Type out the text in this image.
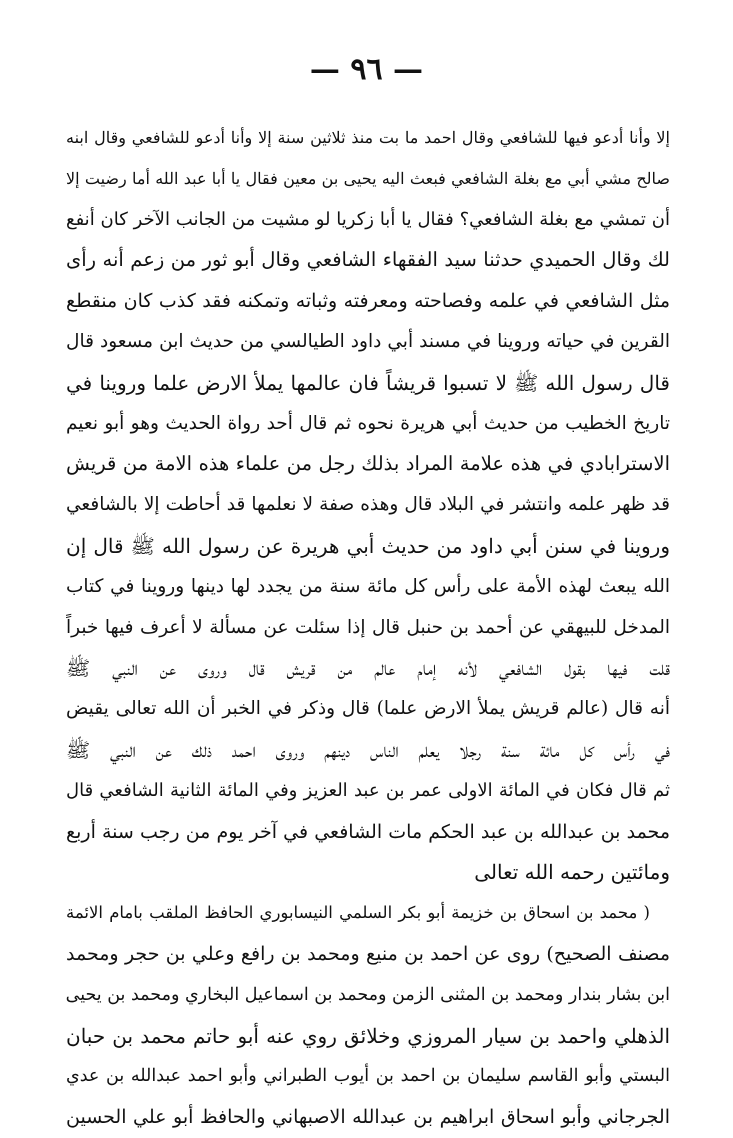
— ٩٦ —
إلا وأنا أدعو فيها للشافعي وقال احمد ما بت منذ ثلاثين سنة إلا وأنا أدعو للشافعي وقال ابنه
صالح مشي أبي مع بغلة الشافعي فبعث اليه يحيى بن معين فقال يا أبا عبد الله أما رضيت إلا
أن تمشي مع بغلة الشافعي؟ فقال يا أبا زكريا لو مشيت من الجانب الآخر كان أنفع
لك وقال الحميدي حدثنا سيد الفقهاء الشافعي وقال أبو ثور من زعم أنه رأى
مثل الشافعي في علمه وفصاحته ومعرفته وثباته وتمكنه فقد كذب كان منقطع
القرين في حياته وروينا في مسند أبي داود الطيالسي من حديث ابن مسعود قال
قال رسول الله ﷺ لا تسبوا قريشاً فان عالمها يملأ الارض علما وروينا في
تاريخ الخطيب من حديث أبي هريرة نحوه ثم قال أحد رواة الحديث وهو أبو نعيم
الاسترابادي في هذه علامة المراد بذلك رجل من علماء هذه الامة من قريش
قد ظهر علمه وانتشر في البلاد قال وهذه صفة لا نعلمها قد أحاطت إلا بالشافعي
وروينا في سنن أبي داود من حديث أبي هريرة عن رسول الله ﷺ قال إن
الله يبعث لهذه الأمة على رأس كل مائة سنة من يجدد لها دينها وروينا في كتاب
المدخل للبيهقي عن أحمد بن حنبل قال إذا سئلت عن مسألة لا أعرف فيها خبراً
قلت فيها بقول الشافعي لأنه إمام عالم من قريش قال وروى عن النبي ﷺ
أنه قال (عالم قريش يملأ الارض علما) قال وذكر في الخبر أن الله تعالى يقيض
في رأس كل مائة سنة رجلا يعلم الناس دينهم وروى احمد ذلك عن النبي ﷺ
ثم قال فكان في المائة الاولى عمر بن عبد العزيز وفي المائة الثانية الشافعي قال
محمد بن عبدالله بن عبد الحكم مات الشافعي في آخر يوم من رجب سنة أربع
ومائتين رحمه الله تعالى
( محمد بن اسحاق بن خزيمة أبو بكر السلمي النيسابوري الحافظ الملقب بامام الائمة
مصنف الصحيح) روى عن احمد بن منيع ومحمد بن رافع وعلي بن حجر ومحمد
ابن بشار بندار ومحمد بن المثنى الزمن ومحمد بن اسماعيل البخاري ومحمد بن يحيى
الذهلي واحمد بن سيار المروزي وخلائق روي عنه أبو حاتم محمد بن حبان
البستي وأبو القاسم سليمان بن احمد بن أيوب الطبراني وأبو احمد عبدالله بن عدي
الجرجاني وأبو اسحاق ابراهيم بن عبدالله الاصبهاني والحافظ أبو علي الحسين
